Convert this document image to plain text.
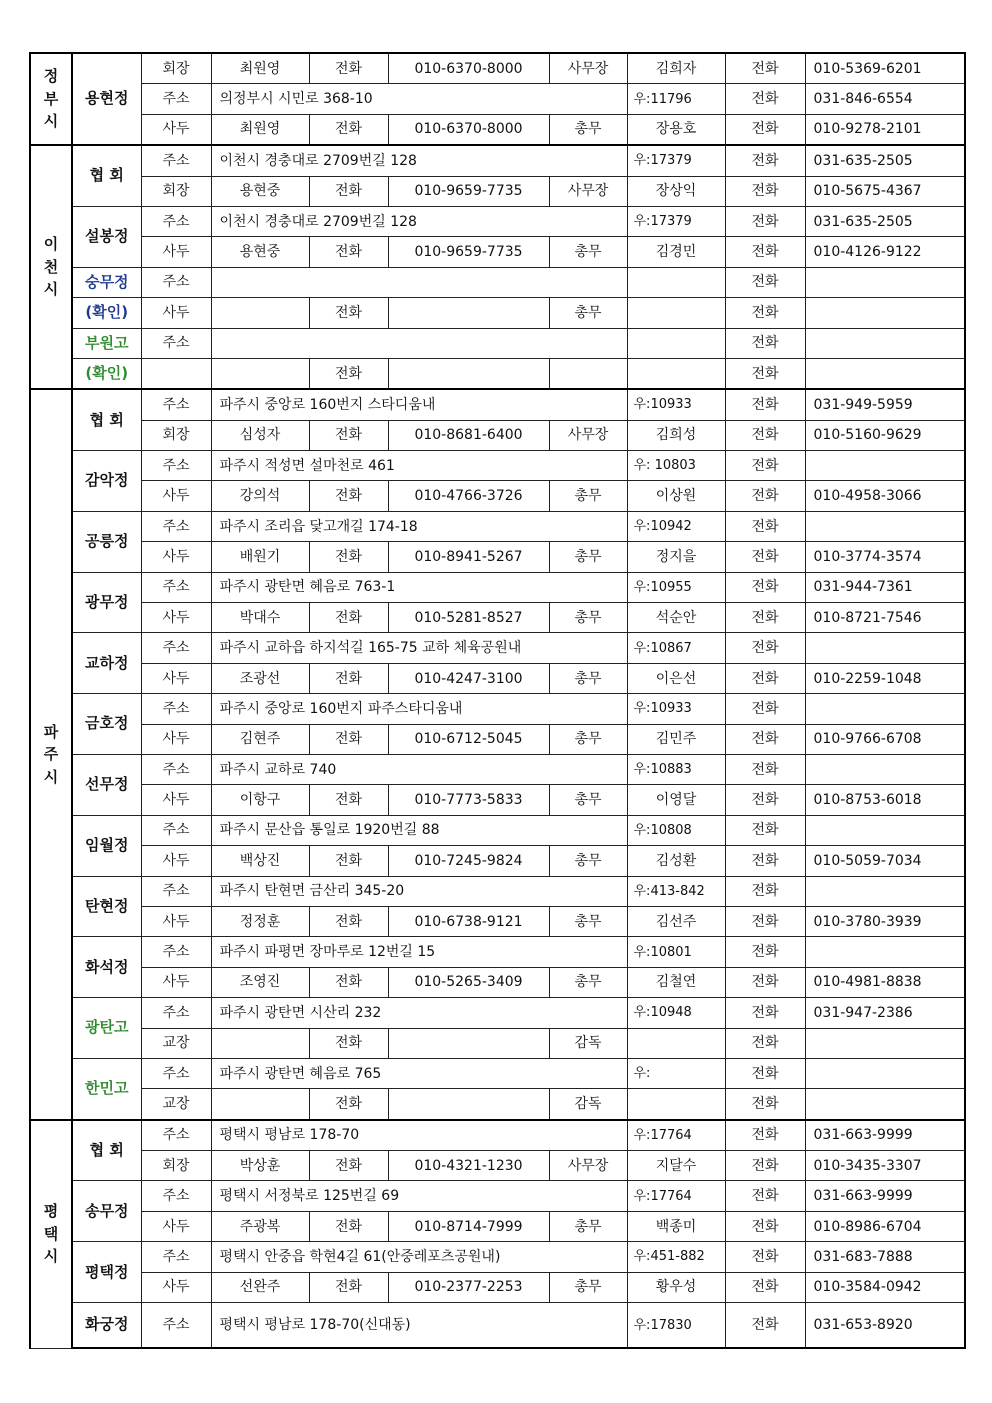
정
부
시	용현정	회장	최원영	전화	010-6370-8000	사무장	김희자	전화	010-5369-6201
		주소	의정부시 시민로 368-10				우:11796	전화	031-846-6554
		사두	최원영	전화	010-6370-8000	총무	장용호	전화	010-9278-2101

이
천
시	협 회	주소	이천시 경충대로 2709번길 128				우:17379	전화	031-635-2505
		회장	용현중	전화	010-9659-7735	사무장	장상익	전화	010-5675-4367
	설봉정	주소	이천시 경충대로 2709번길 128				우:17379	전화	031-635-2505
		사두	용현중	전화	010-9659-7735	총무	김경민	전화	010-4126-9122

	숭무정	주소						전화	
	(확인)	사두		전화		총무		전화	

	부원고	주소						전화	
	(확인)			전화				전화	

파
주
시	협 회	주소	파주시 중앙로 160번지 스타디움내				우:10933	전화	031-949-5959
		회장	심성자	전화	010-8681-6400	사무장	김희성	전화	010-5160-9629
	감악정	주소	파주시 적성면 설마천로 461				우: 10803	전화	
		사두	강의석	전화	010-4766-3726	총무	이상원	전화	010-4958-3066
	공릉정	주소	파주시 조리읍 닻고개길 174-18				우:10942	전화	
		사두	배원기	전화	010-8941-5267	총무	정지을	전화	010-3774-3574
	광무정	주소	파주시 광탄면 혜음로 763-1				우:10955	전화	031-944-7361
		사두	박대수	전화	010-5281-8527	총무	석순안	전화	010-8721-7546
	교하정	주소	파주시 교하읍 하지석길 165-75 교하 체육공원내				우:10867	전화	
		사두	조광선	전화	010-4247-3100	총무	이은선	전화	010-2259-1048
	금호정	주소	파주시 중앙로 160번지 파주스타디움내				우:10933	전화	
		사두	김현주	전화	010-6712-5045	총무	김민주	전화	010-9766-6708
	선무정	주소	파주시 교하로 740				우:10883	전화	
		사두	이항구	전화	010-7773-5833	총무	이영달	전화	010-8753-6018
	임월정	주소	파주시 문산읍 통일로 1920번길 88				우:10808	전화	
		사두	백상진	전화	010-7245-9824	총무	김성환	전화	010-5059-7034
	탄현정	주소	파주시 탄현면 금산리 345-20				우:413-842	전화	
		사두	정정훈	전화	010-6738-9121	총무	김선주	전화	010-3780-3939
	화석정	주소	파주시 파평면 장마루로 12번길 15				우:10801	전화	
		사두	조영진	전화	010-5265-3409	총무	김철연	전화	010-4981-8838
	광탄고	주소	파주시 광탄면 시산리 232				우:10948	전화	031-947-2386
		교장		전화		감독		전화	
	한민고	주소	파주시 광탄면 혜음로 765				우:	전화	
		교장		전화		감독		전화	

평
택
시	협 회	주소	평택시 평남로 178-70				우:17764	전화	031-663-9999
		회장	박상훈	전화	010-4321-1230	사무장	지달수	전화	010-3435-3307
	송무정	주소	평택시 서정북로 125번길 69				우:17764	전화	031-663-9999
		사두	주광복	전화	010-8714-7999	총무	백종미	전화	010-8986-6704
	평택정	주소	평택시 안중읍 학현4길 61(안중레포츠공원내)				우:451-882	전화	031-683-7888
		사두	선완주	전화	010-2377-2253	총무	황우성	전화	010-3584-0942
	화궁정	주소	평택시 평남로 178-70(신대동)				우:17830	전화	031-653-8920
